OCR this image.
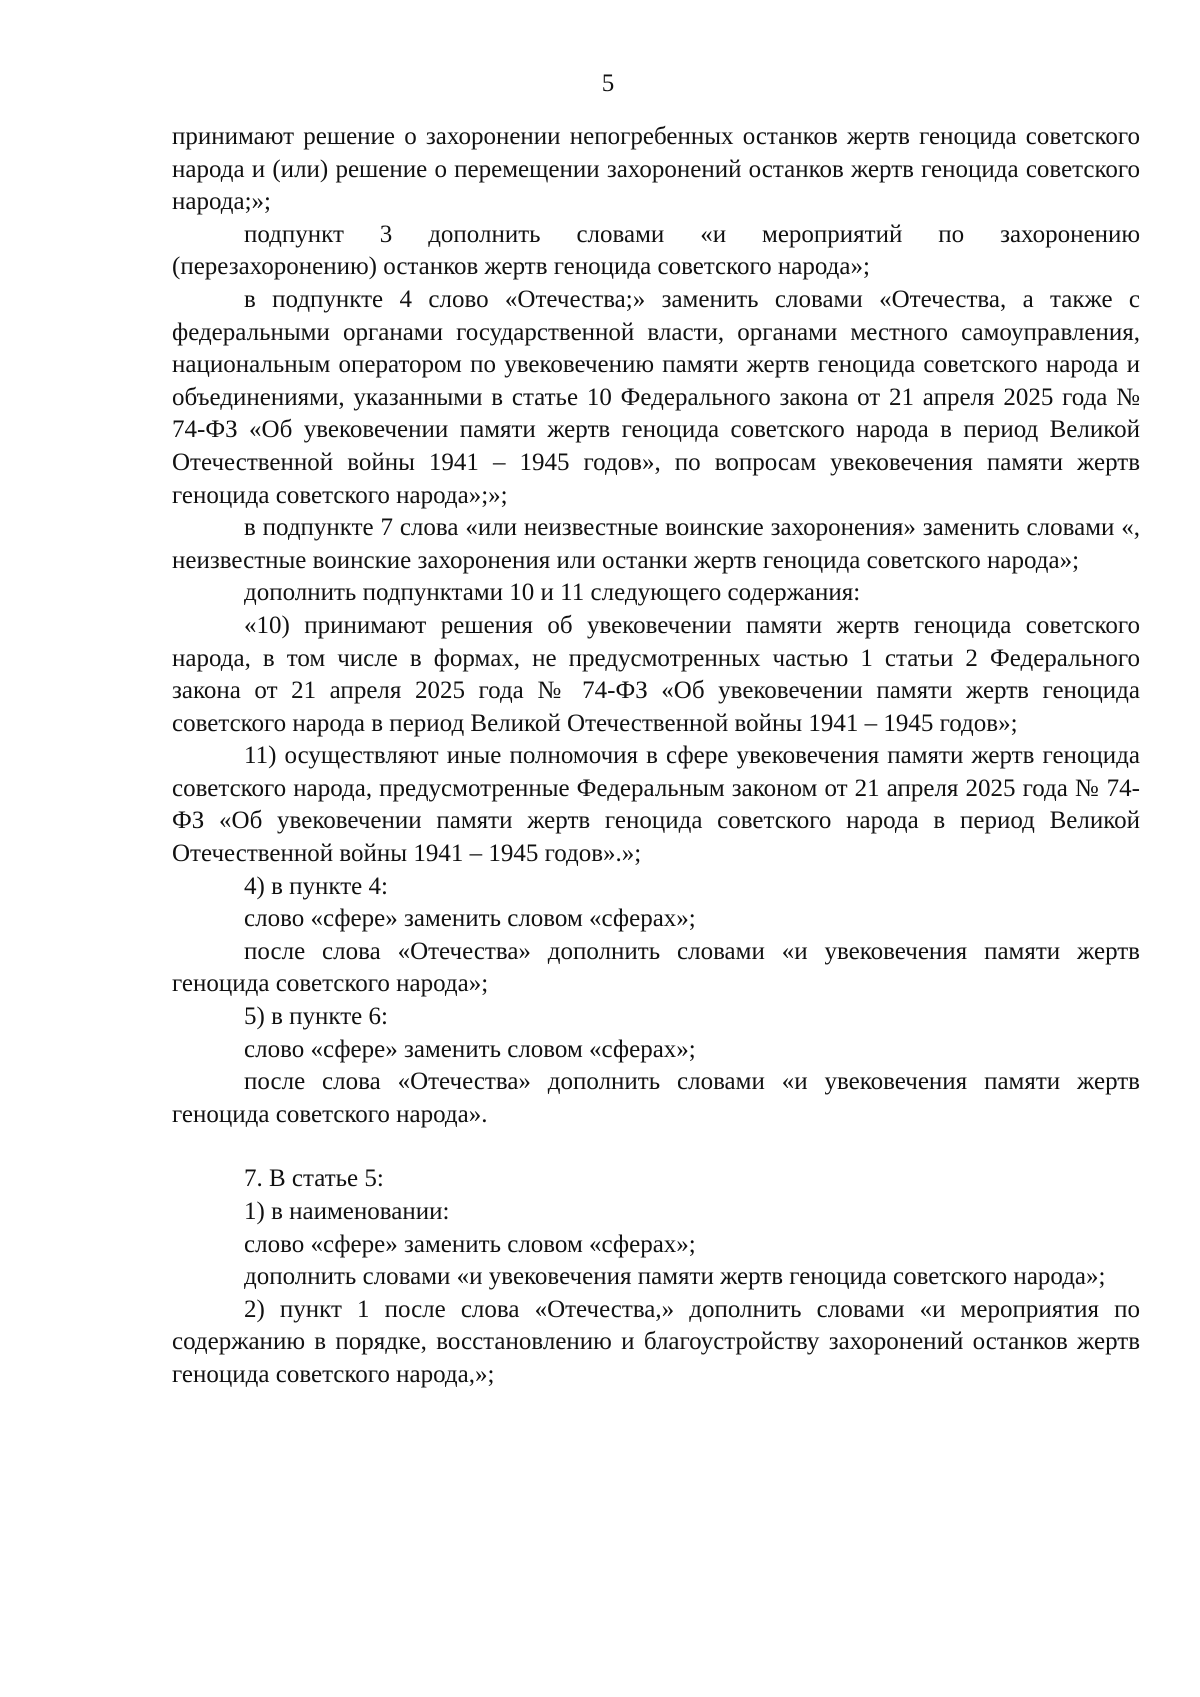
5

принимают решение о захоронении непогребенных останков жертв геноцида советского народа и (или) решение о перемещении захоронений останков жертв геноцида советского народа;»;

подпункт 3 дополнить словами «и мероприятий по захоронению (перезахоронению) останков жертв геноцида советского народа»;

в подпункте 4 слово «Отечества;» заменить словами «Отечества, а также с федеральными органами государственной власти, органами местного самоуправления, национальным оператором по увековечению памяти жертв геноцида советского народа и объединениями, указанными в статье 10 Федерального закона от 21 апреля 2025 года № 74-ФЗ «Об увековечении памяти жертв геноцида советского народа в период Великой Отечественной войны 1941 – 1945 годов», по вопросам увековечения памяти жертв геноцида советского народа»;»;

в подпункте 7 слова «или неизвестные воинские захоронения» заменить словами «, неизвестные воинские захоронения или останки жертв геноцида советского народа»;

дополнить подпунктами 10 и 11 следующего содержания:

«10) принимают решения об увековечении памяти жертв геноцида советского народа, в том числе в формах, не предусмотренных частью 1 статьи 2 Федерального закона от 21 апреля 2025 года № 74-ФЗ «Об увековечении памяти жертв геноцида советского народа в период Великой Отечественной войны 1941 – 1945 годов»;

11) осуществляют иные полномочия в сфере увековечения памяти жертв геноцида советского народа, предусмотренные Федеральным законом от 21 апреля 2025 года № 74-ФЗ «Об увековечении памяти жертв геноцида советского народа в период Великой Отечественной войны 1941 – 1945 годов».»;

4) в пункте 4:

слово «сфере» заменить словом «сферах»;

после слова «Отечества» дополнить словами «и увековечения памяти жертв геноцида советского народа»;

5) в пункте 6:

слово «сфере» заменить словом «сферах»;

после слова «Отечества» дополнить словами «и увековечения памяти жертв геноцида советского народа».

7. В статье 5:

1) в наименовании:

слово «сфере» заменить словом «сферах»;

дополнить словами «и увековечения памяти жертв геноцида советского народа»;

2) пункт 1 после слова «Отечества,» дополнить словами «и мероприятия по содержанию в порядке, восстановлению и благоустройству захоронений останков жертв геноцида советского народа,»;
